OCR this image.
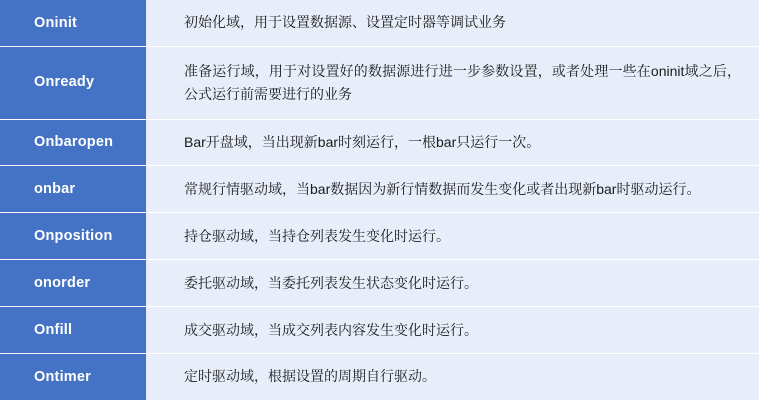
Oninit	初始化域，用于设置数据源、设置定时器等调试业务
Onready	准备运行域，用于对设置好的数据源进行进一步参数设置，或者处理一些在oninit域之后，公式运行前需要进行的业务
Onbaropen	Bar开盘域，当出现新bar时刻运行，一根bar只运行一次。
onbar	常规行情驱动域，当bar数据因为新行情数据而发生变化或者出现新bar时驱动运行。
Onposition	持仓驱动域，当持仓列表发生变化时运行。
onorder	委托驱动域，当委托列表发生状态变化时运行。
Onfill	成交驱动域，当成交列表内容发生变化时运行。
Ontimer	定时驱动域，根据设置的周期自行驱动。
